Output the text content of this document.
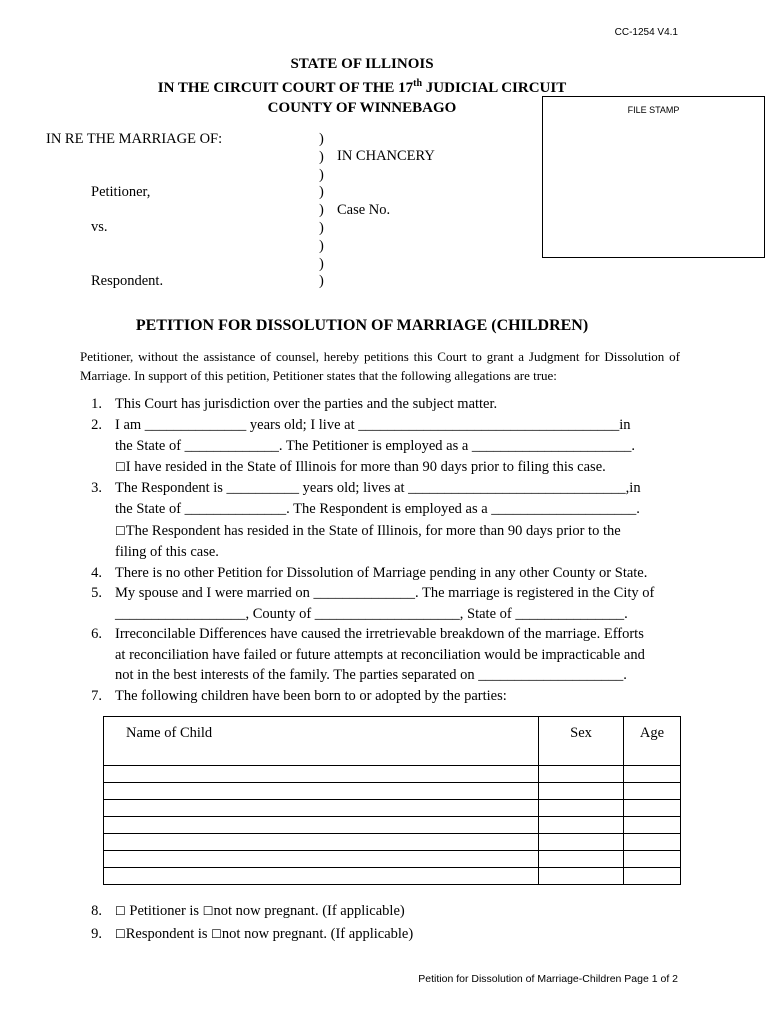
CC-1254 V4.1
STATE OF ILLINOIS
IN THE CIRCUIT COURT OF THE 17th JUDICIAL CIRCUIT
COUNTY OF WINNEBAGO	FILE STAMP
IN RE THE MARRIAGE OF:
Petitioner,
vs.
Respondent.
)
)
)
)
)
)
)
)
)
IN CHANCERY
Case No.
PETITION FOR DISSOLUTION OF MARRIAGE (CHILDREN)
Petitioner, without the assistance of counsel, hereby petitions this Court to grant a Judgment for Dissolution of Marriage. In support of this petition, Petitioner states that the following allegations are true:
1. This Court has jurisdiction over the parties and the subject matter.
2. I am ______________ years old; I live at ____________________________________in
the State of _____________. The Petitioner is employed as a ______________________.
☐I have resided in the State of Illinois for more than 90 days prior to filing this case.
3. The Respondent is __________ years old; lives at ______________________________,in
the State of ______________. The Respondent is employed as a ____________________.
☐The Respondent has resided in the State of Illinois, for more than 90 days prior to the
filing of this case.
4. There is no other Petition for Dissolution of Marriage pending in any other County or State.
5. My spouse and I were married on ______________. The marriage is registered in the City of
__________________, County of ____________________, State of _______________.
6. Irreconcilable Differences have caused the irretrievable breakdown of the marriage. Efforts
at reconciliation have failed or future attempts at reconciliation would be impracticable and
not in the best interests of the family. The parties separated on ____________________.
7. The following children have been born to or adopted by the parties:
Name of Child	Sex	Age

8. ☐ Petitioner is ☐not now pregnant. (If applicable)
9. ☐Respondent is ☐not now pregnant. (If applicable)
Petition for Dissolution of Marriage-Children Page 1 of 2
